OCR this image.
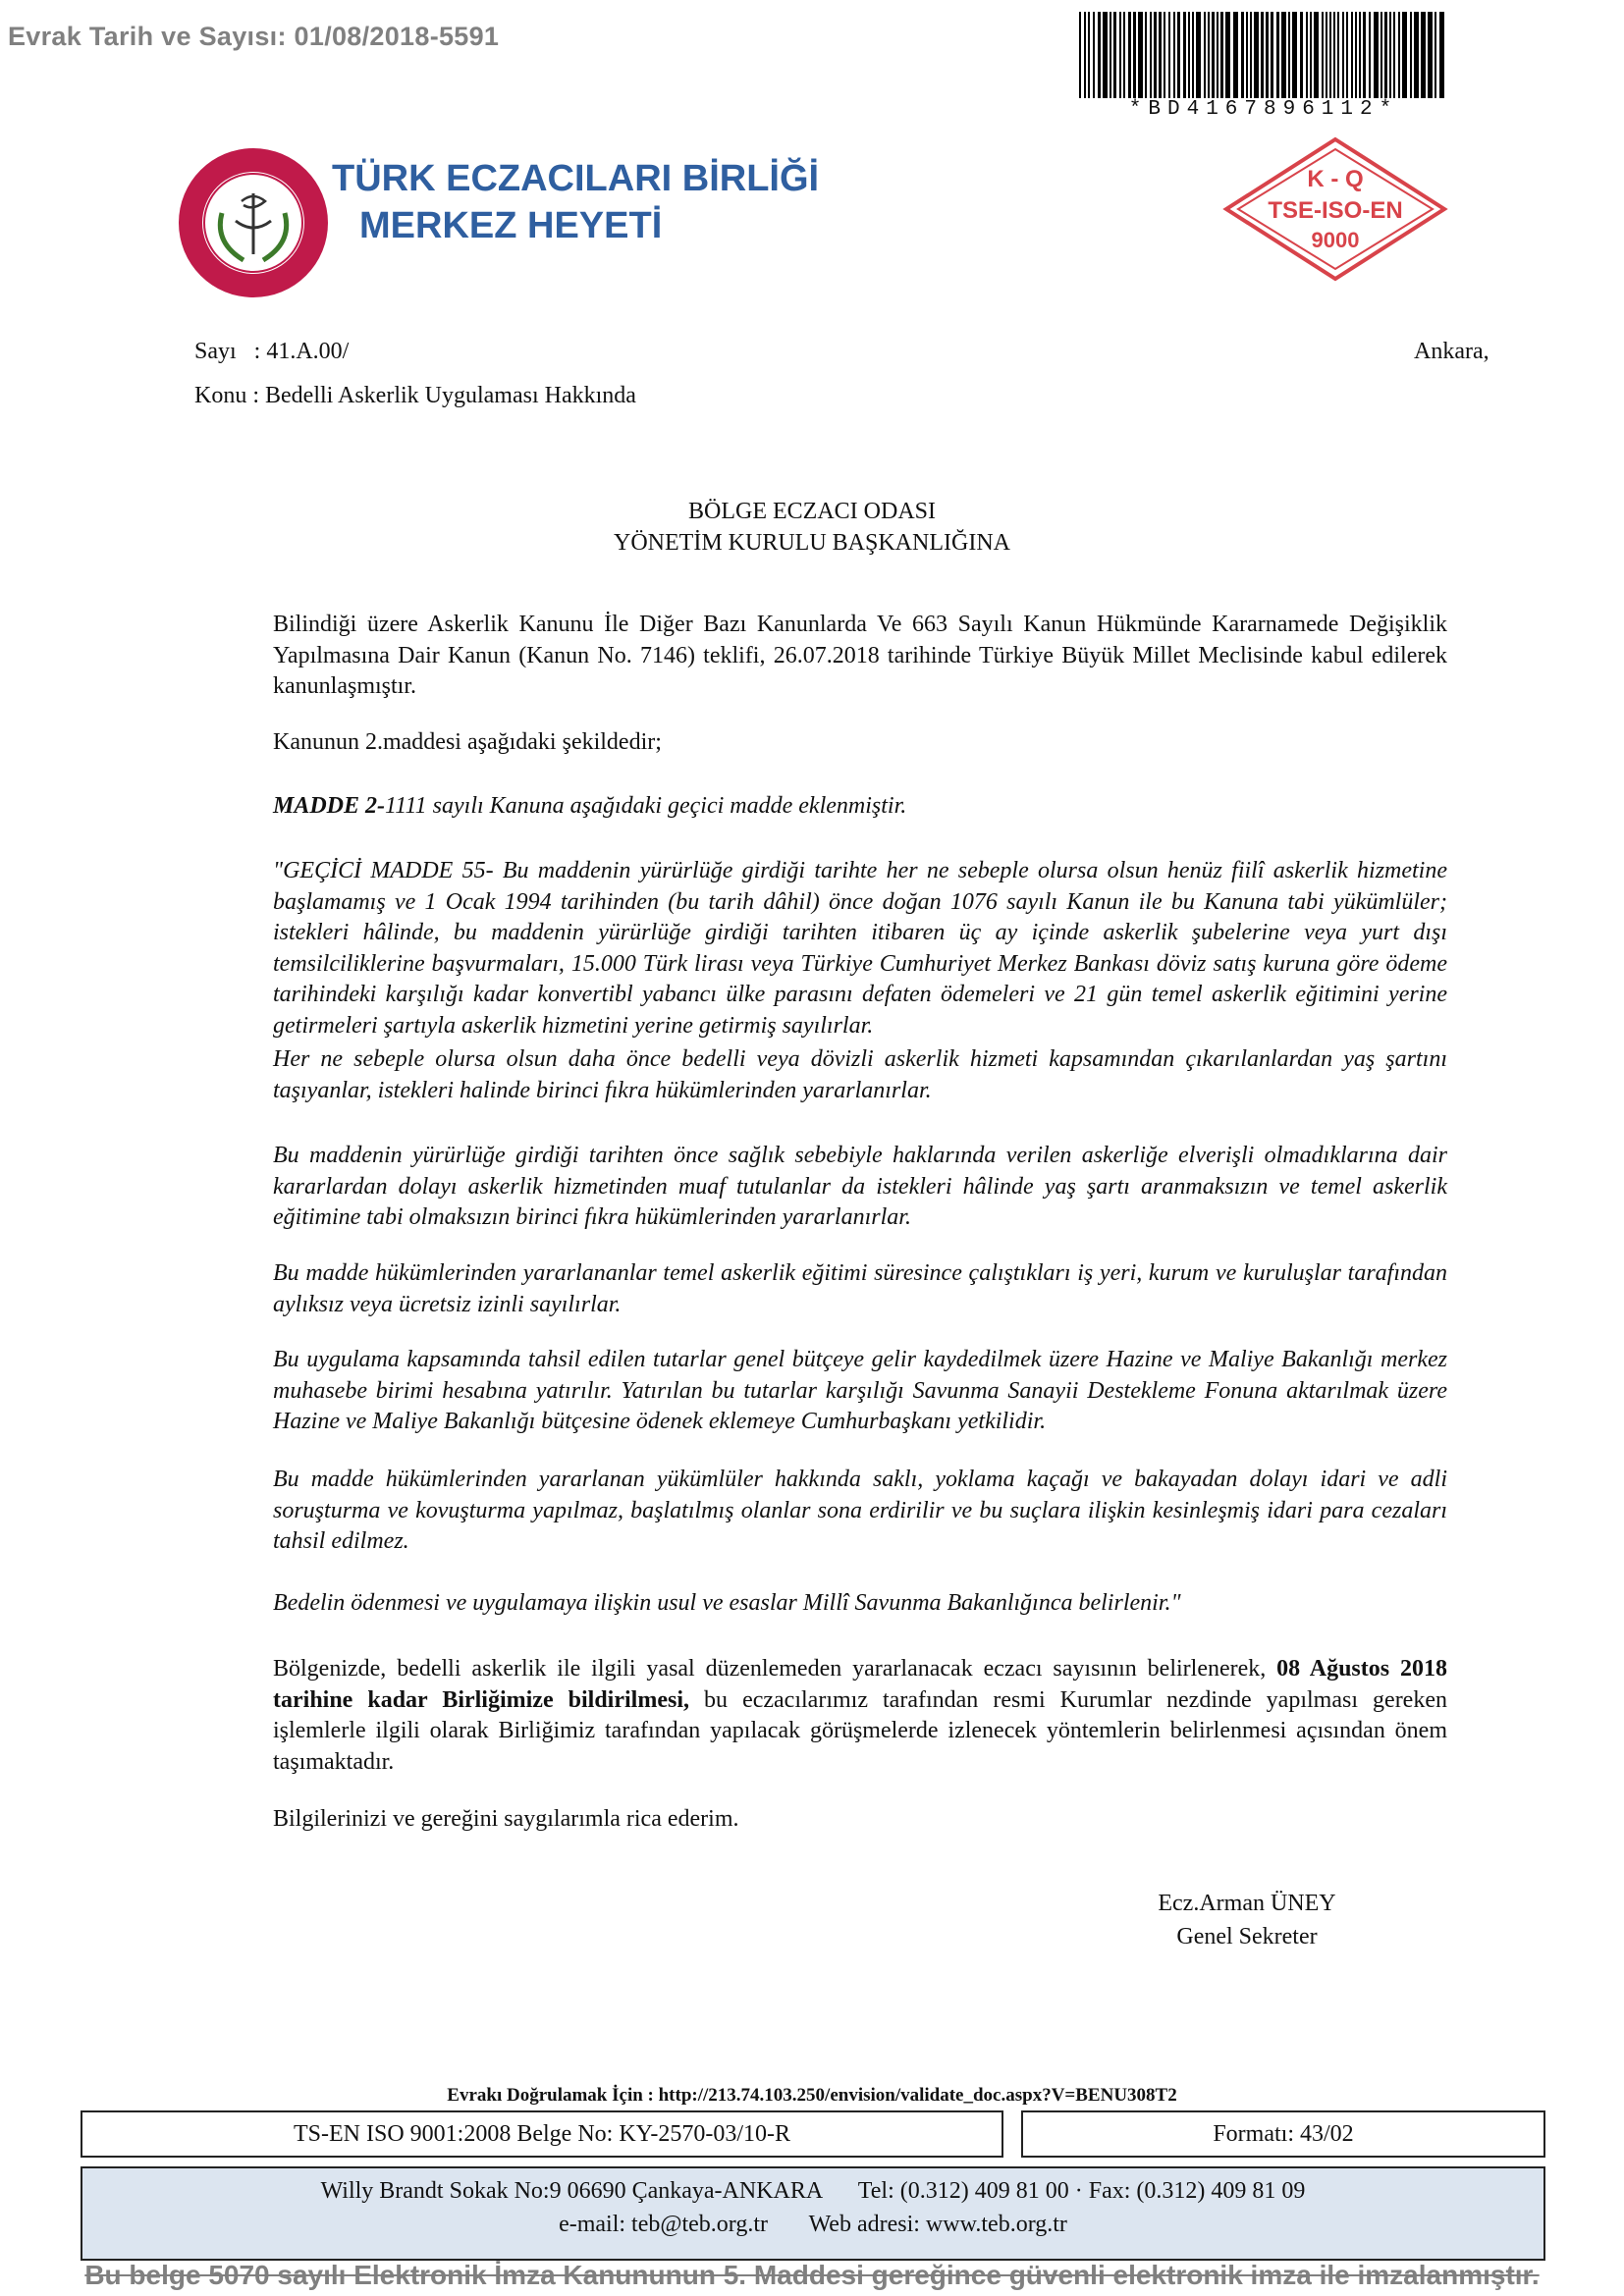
Evrak Tarih ve Sayısı: 01/08/2018-5591
*BD4167896112*
TÜRK ECZACILARI BİRLİĞİ
MERKEZ HEYETİ
K - Q
TSE-ISO-EN
9000
Sayı : 41.A.00/
Konu : Bedelli Askerlik Uygulaması Hakkında
Ankara,
BÖLGE ECZACI ODASI
YÖNETİM KURULU BAŞKANLIĞINA

Bilindiği üzere Askerlik Kanunu İle Diğer Bazı Kanunlarda Ve 663 Sayılı Kanun Hükmünde Kararnamede Değişiklik Yapılmasına Dair Kanun (Kanun No. 7146) teklifi, 26.07.2018 tarihinde Türkiye Büyük Millet Meclisinde kabul edilerek kanunlaşmıştır.

Kanunun 2.maddesi aşağıdaki şekildedir;

MADDE 2-1111 sayılı Kanuna aşağıdaki geçici madde eklenmiştir.

"GEÇİCİ MADDE 55- Bu maddenin yürürlüğe girdiği tarihte her ne sebeple olursa olsun henüz fiilî askerlik hizmetine başlamamış ve 1 Ocak 1994 tarihinden (bu tarih dâhil) önce doğan 1076 sayılı Kanun ile bu Kanuna tabi yükümlüler; istekleri hâlinde, bu maddenin yürürlüğe girdiği tarihten itibaren üç ay içinde askerlik şubelerine veya yurt dışı temsilciliklerine başvurmaları, 15.000 Türk lirası veya Türkiye Cumhuriyet Merkez Bankası döviz satış kuruna göre ödeme tarihindeki karşılığı kadar konvertibl yabancı ülke parasını defaten ödemeleri ve 21 gün temel askerlik eğitimini yerine getirmeleri şartıyla askerlik hizmetini yerine getirmiş sayılırlar.

Her ne sebeple olursa olsun daha önce bedelli veya dövizli askerlik hizmeti kapsamından çıkarılanlardan yaş şartını taşıyanlar, istekleri halinde birinci fıkra hükümlerinden yararlanırlar.

Bu maddenin yürürlüğe girdiği tarihten önce sağlık sebebiyle haklarında verilen askerliğe elverişli olmadıklarına dair kararlardan dolayı askerlik hizmetinden muaf tutulanlar da istekleri hâlinde yaş şartı aranmaksızın ve temel askerlik eğitimine tabi olmaksızın birinci fıkra hükümlerinden yararlanırlar.

Bu madde hükümlerinden yararlananlar temel askerlik eğitimi süresince çalıştıkları iş yeri, kurum ve kuruluşlar tarafından aylıksız veya ücretsiz izinli sayılırlar.

Bu uygulama kapsamında tahsil edilen tutarlar genel bütçeye gelir kaydedilmek üzere Hazine ve Maliye Bakanlığı merkez muhasebe birimi hesabına yatırılır. Yatırılan bu tutarlar karşılığı Savunma Sanayii Destekleme Fonuna aktarılmak üzere Hazine ve Maliye Bakanlığı bütçesine ödenek eklemeye Cumhurbaşkanı yetkilidir.

Bu madde hükümlerinden yararlanan yükümlüler hakkında saklı, yoklama kaçağı ve bakayadan dolayı idari ve adli soruşturma ve kovuşturma yapılmaz, başlatılmış olanlar sona erdirilir ve bu suçlara ilişkin kesinleşmiş idari para cezaları tahsil edilmez.

Bedelin ödenmesi ve uygulamaya ilişkin usul ve esaslar Millî Savunma Bakanlığınca belirlenir."

Bölgenizde, bedelli askerlik ile ilgili yasal düzenlemeden yararlanacak eczacı sayısının belirlenerek, 08 Ağustos 2018 tarihine kadar Birliğimize bildirilmesi, bu eczacılarımız tarafından resmi Kurumlar nezdinde yapılması gereken işlemlerle ilgili olarak Birliğimiz tarafından yapılacak görüşmelerde izlenecek yöntemlerin belirlenmesi açısından önem taşımaktadır.

Bilgilerinizi ve gereğini saygılarımla rica ederim.

Ecz.Arman ÜNEY
Genel Sekreter
Evrakı Doğrulamak İçin : http://213.74.103.250/envision/validate_doc.aspx?V=BENU308T2
TS-EN ISO 9001:2008 Belge No: KY-2570-03/10-R	Formatı: 43/02
Willy Brandt Sokak No:9 06690 Çankaya-ANKARA Tel: (0.312) 409 81 00 · Fax: (0.312) 409 81 09
e-mail: teb@teb.org.tr Web adresi: www.teb.org.tr
Bu belge 5070 sayılı Elektronik İmza Kanununun 5. Maddesi gereğince güvenli elektronik imza ile imzalanmıştır.
